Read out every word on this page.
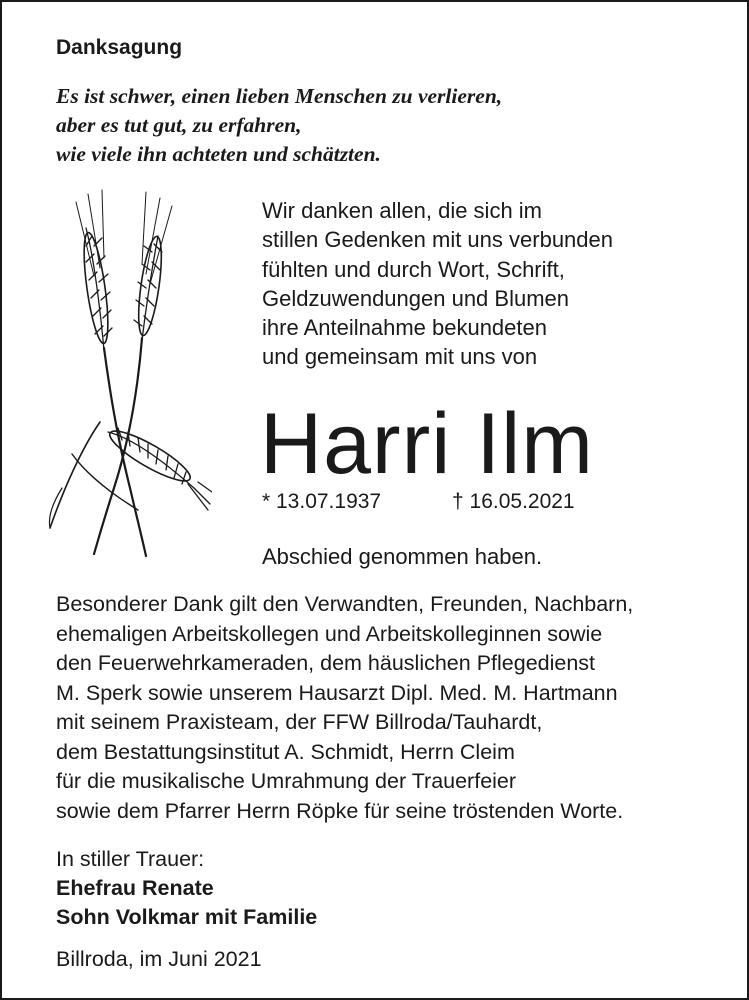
Danksagung
Es ist schwer, einen lieben Menschen zu verlieren,
aber es tut gut, zu erfahren,
wie viele ihn achteten und schätzten.
Wir danken allen, die sich im
stillen Gedenken mit uns verbunden
fühlten und durch Wort, Schrift,
Geldzuwendungen und Blumen
ihre Anteilnahme bekundeten
und gemeinsam mit uns von
Harri Ilm
* 13.07.1937	† 16.05.2021
Abschied genommen haben.
Besonderer Dank gilt den Verwandten, Freunden, Nachbarn,
ehemaligen Arbeitskollegen und Arbeitskolleginnen sowie
den Feuerwehrkameraden, dem häuslichen Pflegedienst
M. Sperk sowie unserem Hausarzt Dipl. Med. M. Hartmann
mit seinem Praxisteam, der FFW Billroda/Tauhardt,
dem Bestattungsinstitut A. Schmidt, Herrn Cleim
für die musikalische Umrahmung der Trauerfeier
sowie dem Pfarrer Herrn Röpke für seine tröstenden Worte.
In stiller Trauer:
Ehefrau Renate
Sohn Volkmar mit Familie
Billroda, im Juni 2021
